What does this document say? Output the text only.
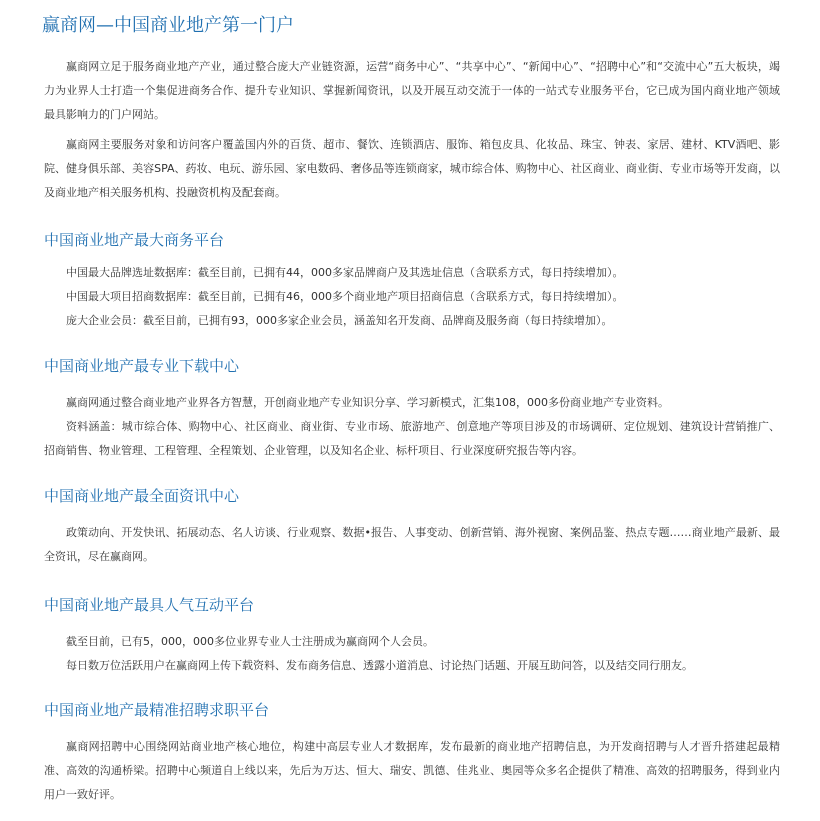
赢商网—中国商业地产第一门户

赢商网立足于服务商业地产产业，通过整合庞大产业链资源，运营“商务中心”、“共享中心”、“新闻中心”、“招聘中心”和“交流中心”五大板块，竭力为业界人士打造一个集促进商务合作、提升专业知识、掌握新闻资讯，以及开展互动交流于一体的一站式专业服务平台，它已成为国内商业地产领域最具影响力的门户网站。

赢商网主要服务对象和访问客户覆盖国内外的百货、超市、餐饮、连锁酒店、服饰、箱包皮具、化妆品、珠宝、钟表、家居、建材、KTV酒吧、影院、健身俱乐部、美容SPA、药妆、电玩、游乐园、家电数码、奢侈品等连锁商家，城市综合体、购物中心、社区商业、商业街、专业市场等开发商，以及商业地产相关服务机构、投融资机构及配套商。

中国商业地产最大商务平台

中国最大品牌选址数据库：截至目前，已拥有44，000多家品牌商户及其选址信息（含联系方式，每日持续增加）。

中国最大项目招商数据库：截至目前，已拥有46，000多个商业地产项目招商信息（含联系方式，每日持续增加）。

庞大企业会员：截至目前，已拥有93，000多家企业会员，涵盖知名开发商、品牌商及服务商（每日持续增加）。

中国商业地产最专业下载中心

赢商网通过整合商业地产业界各方智慧，开创商业地产专业知识分享、学习新模式，汇集108，000多份商业地产专业资料。

资料涵盖：城市综合体、购物中心、社区商业、商业街、专业市场、旅游地产、创意地产等项目涉及的市场调研、定位规划、建筑设计营销推广、招商销售、物业管理、工程管理、全程策划、企业管理，以及知名企业、标杆项目、行业深度研究报告等内容。

中国商业地产最全面资讯中心

政策动向、开发快讯、拓展动态、名人访谈、行业观察、数据•报告、人事变动、创新营销、海外视窗、案例品鉴、热点专题……商业地产最新、最全资讯，尽在赢商网。

中国商业地产最具人气互动平台

截至目前，已有5，000，000多位业界专业人士注册成为赢商网个人会员。

每日数万位活跃用户在赢商网上传下载资料、发布商务信息、透露小道消息、讨论热门话题、开展互助问答，以及结交同行朋友。

中国商业地产最精准招聘求职平台

赢商网招聘中心围绕网站商业地产核心地位，构建中高层专业人才数据库，发布最新的商业地产招聘信息，为开发商招聘与人才晋升搭建起最精准、高效的沟通桥梁。招聘中心频道自上线以来，先后为万达、恒大、瑞安、凯德、佳兆业、奥园等众多名企提供了精准、高效的招聘服务，得到业内用户一致好评。
